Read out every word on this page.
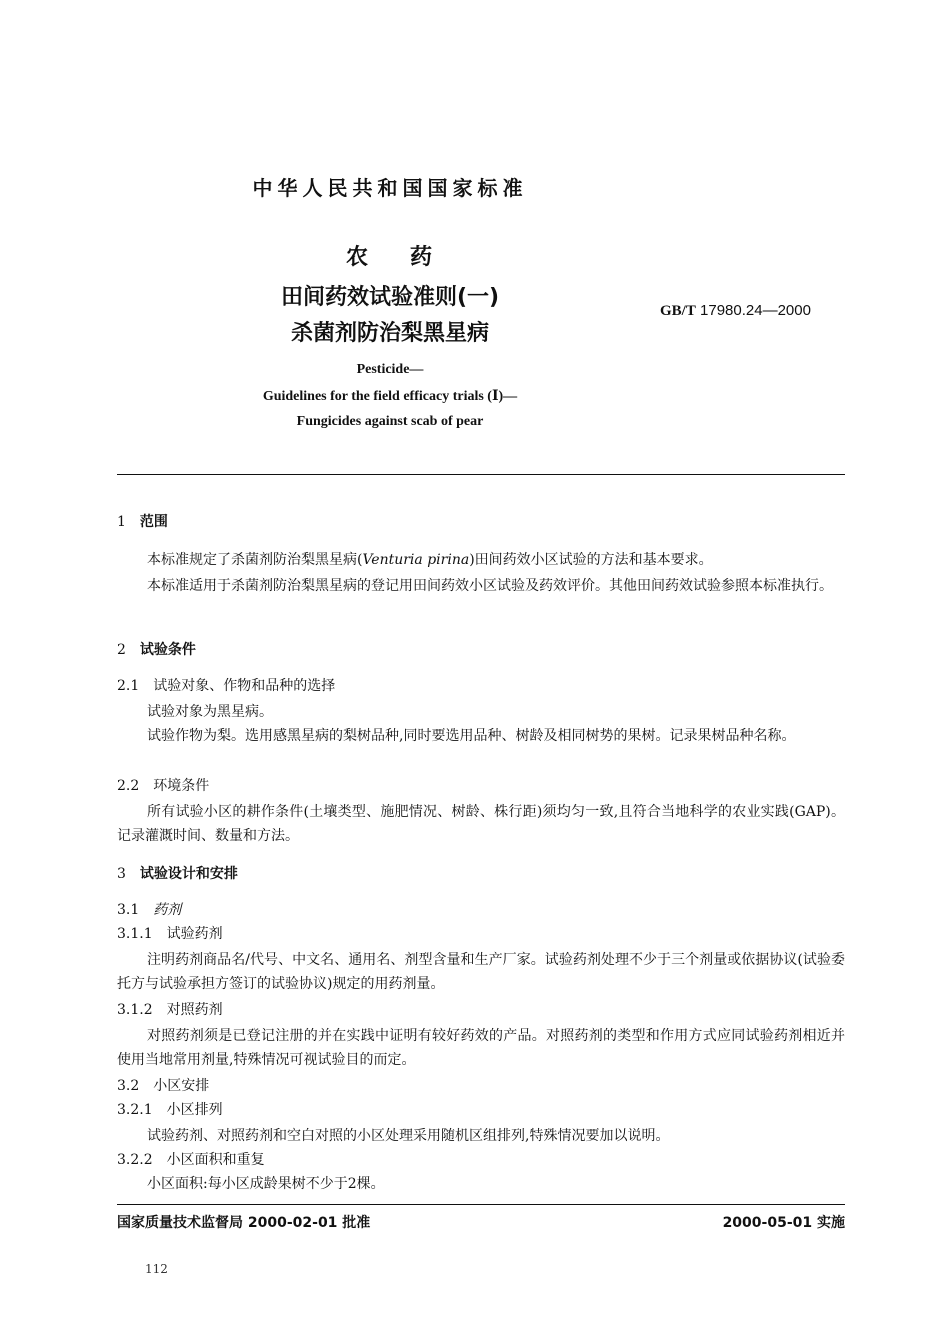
中华人民共和国国家标准
农 药
田间药效试验准则(一)
杀菌剂防治梨黑星病
GB/T 17980.24—2000
Pesticide—
Guidelines for the field efficacy trials (Ⅰ)—
Fungicides against scab of pear
1 范围
本标准规定了杀菌剂防治梨黑星病(Venturia pirina)田间药效小区试验的方法和基本要求。
本标准适用于杀菌剂防治梨黑星病的登记用田间药效小区试验及药效评价。其他田间药效试验参照本标准执行。
2 试验条件
2.1 试验对象、作物和品种的选择
试验对象为黑星病。
试验作物为梨。选用感黑星病的梨树品种,同时要选用品种、树龄及相同树势的果树。记录果树品种名称。
2.2 环境条件
所有试验小区的耕作条件(土壤类型、施肥情况、树龄、株行距)须均匀一致,且符合当地科学的农业实践(GAP)。记录灌溉时间、数量和方法。
3 试验设计和安排
3.1 药剂
3.1.1 试验药剂
注明药剂商品名/代号、中文名、通用名、剂型含量和生产厂家。试验药剂处理不少于三个剂量或依据协议(试验委托方与试验承担方签订的试验协议)规定的用药剂量。
3.1.2 对照药剂
对照药剂须是已登记注册的并在实践中证明有较好药效的产品。对照药剂的类型和作用方式应同试验药剂相近并使用当地常用剂量,特殊情况可视试验目的而定。
3.2 小区安排
3.2.1 小区排列
试验药剂、对照药剂和空白对照的小区处理采用随机区组排列,特殊情况要加以说明。
3.2.2 小区面积和重复
小区面积:每小区成龄果树不少于2棵。
国家质量技术监督局 2000-02-01 批准	2000-05-01 实施
112
